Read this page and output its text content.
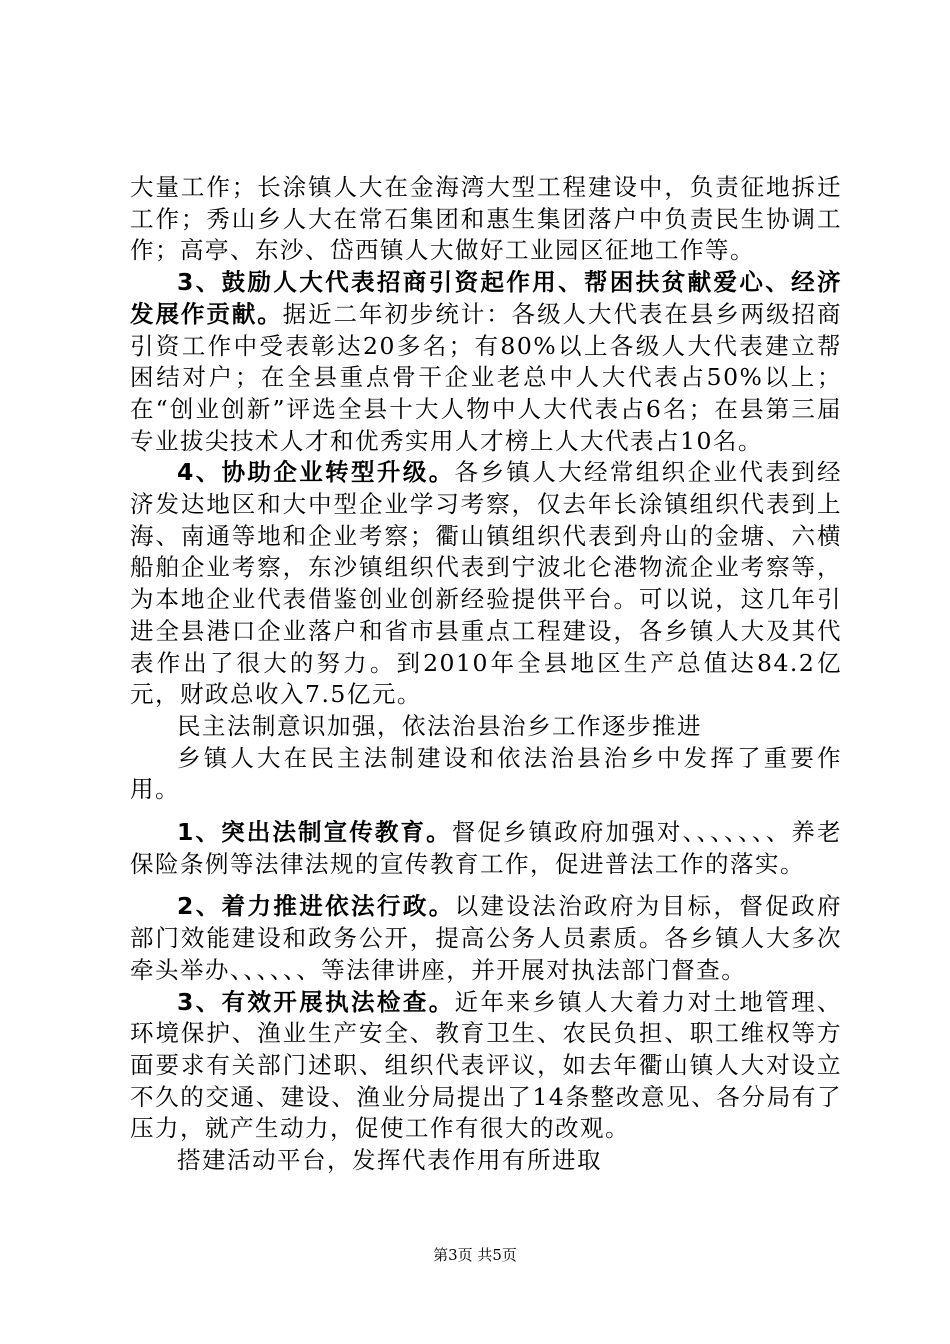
大量工作；长涂镇人大在金海湾大型工程建设中，负责征地拆迁工作；秀山乡人大在常石集团和惠生集团落户中负责民生协调工作；高亭、东沙、岱西镇人大做好工业园区征地工作等。

3、鼓励人大代表招商引资起作用、帮困扶贫献爱心、经济发展作贡献。据近二年初步统计：各级人大代表在县乡两级招商引资工作中受表彰达20多名；有80%以上各级人大代表建立帮困结对户；在全县重点骨干企业老总中人大代表占50%以上；在“创业创新”评选全县十大人物中人大代表占6名；在县第三届专业拔尖技术人才和优秀实用人才榜上人大代表占10名。

4、协助企业转型升级。各乡镇人大经常组织企业代表到经济发达地区和大中型企业学习考察，仅去年长涂镇组织代表到上海、南通等地和企业考察；衢山镇组织代表到舟山的金塘、六横船舶企业考察，东沙镇组织代表到宁波北仑港物流企业考察等，为本地企业代表借鉴创业创新经验提供平台。可以说，这几年引进全县港口企业落户和省市县重点工程建设，各乡镇人大及其代表作出了很大的努力。到2010年全县地区生产总值达84.2亿元，财政总收入7.5亿元。

民主法制意识加强，依法治县治乡工作逐步推进

乡镇人大在民主法制建设和依法治县治乡中发挥了重要作用。

1、突出法制宣传教育。督促乡镇政府加强对、、、、、、、养老保险条例等法律法规的宣传教育工作，促进普法工作的落实。

2、着力推进依法行政。以建设法治政府为目标，督促政府部门效能建设和政务公开，提高公务人员素质。各乡镇人大多次牵头举办、、、、、、等法律讲座，并开展对执法部门督查。

3、有效开展执法检查。近年来乡镇人大着力对土地管理、环境保护、渔业生产安全、教育卫生、农民负担、职工维权等方面要求有关部门述职、组织代表评议，如去年衢山镇人大对设立不久的交通、建设、渔业分局提出了14条整改意见、各分局有了压力，就产生动力，促使工作有很大的改观。

搭建活动平台，发挥代表作用有所进取

第3页 共5页
